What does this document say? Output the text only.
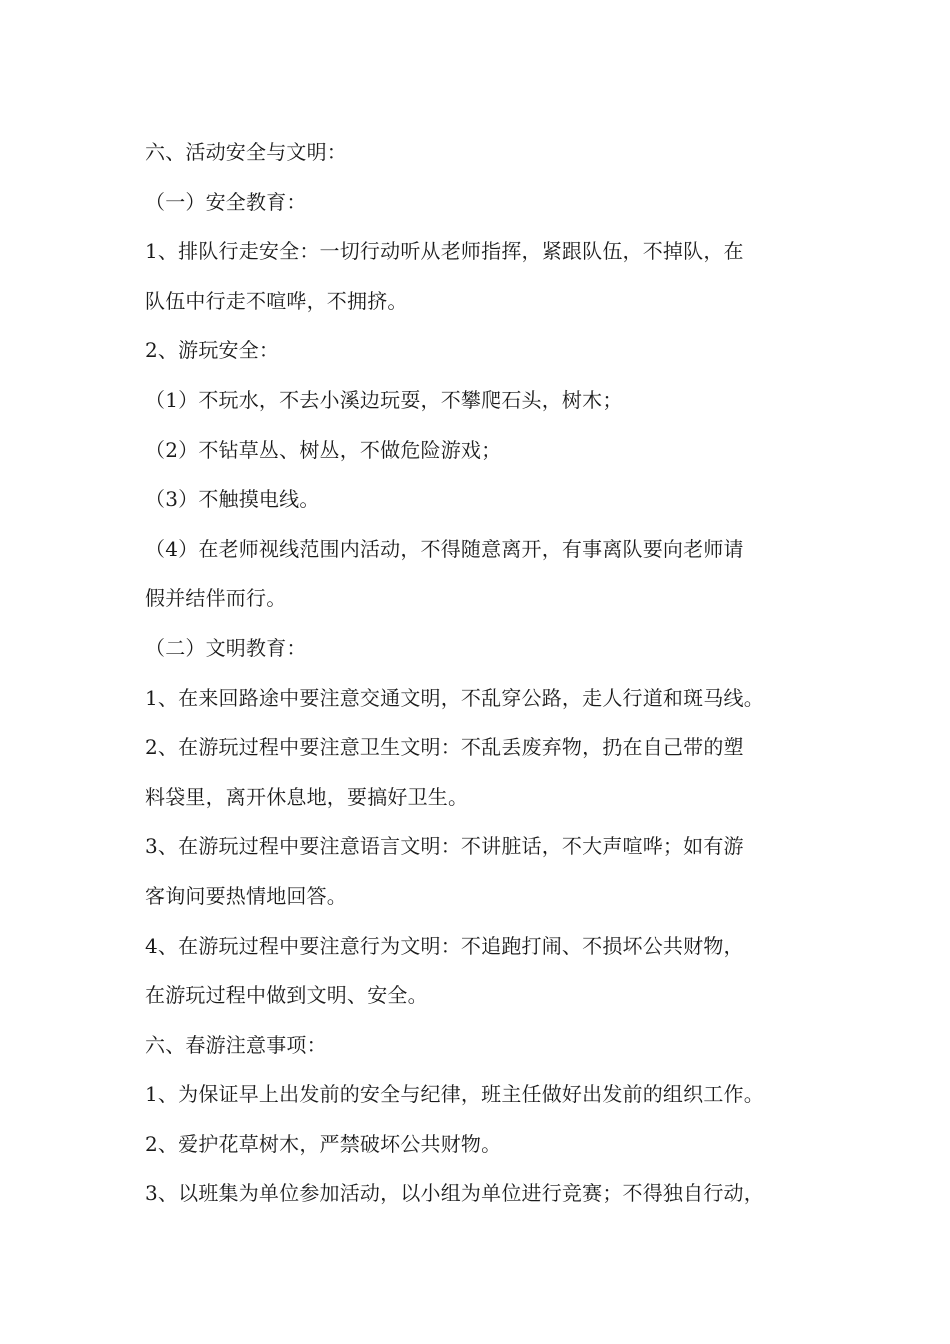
六、活动安全与文明：
（一）安全教育：
1、排队行走安全：一切行动听从老师指挥，紧跟队伍，不掉队，在
队伍中行走不喧哗，不拥挤。
2、游玩安全：
（1）不玩水，不去小溪边玩耍，不攀爬石头，树木；
（2）不钻草丛、树丛，不做危险游戏；
（3）不触摸电线。
（4）在老师视线范围内活动，不得随意离开，有事离队要向老师请
假并结伴而行。
（二）文明教育：
1、在来回路途中要注意交通文明，不乱穿公路，走人行道和斑马线。
2、在游玩过程中要注意卫生文明：不乱丢废弃物，扔在自己带的塑
料袋里，离开休息地，要搞好卫生。
3、在游玩过程中要注意语言文明：不讲脏话，不大声喧哗；如有游
客询问要热情地回答。
4、在游玩过程中要注意行为文明：不追跑打闹、不损坏公共财物，
在游玩过程中做到文明、安全。
六、春游注意事项：
1、为保证早上出发前的安全与纪律，班主任做好出发前的组织工作。
2、爱护花草树木，严禁破坏公共财物。
3、以班集为单位参加活动，以小组为单位进行竞赛；不得独自行动，
